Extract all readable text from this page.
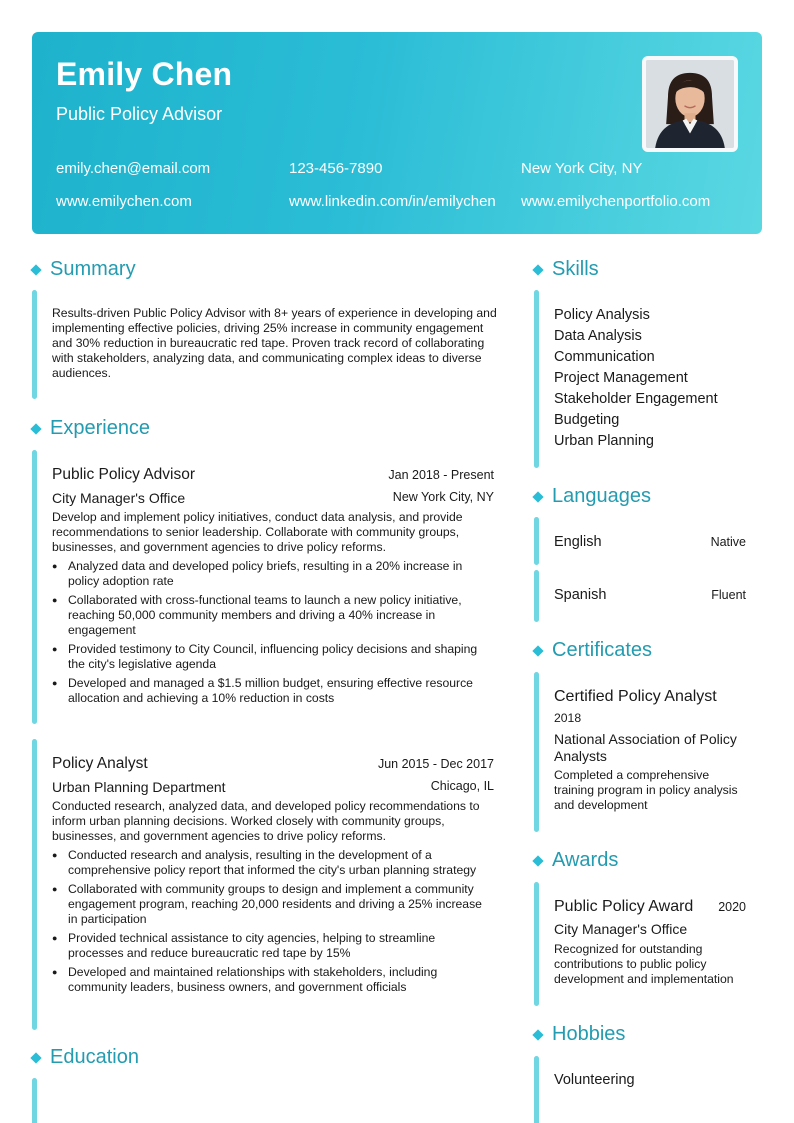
Emily Chen
Public Policy Advisor
emily.chen@email.com	123-456-7890	New York City, NY
www.emilychen.com	www.linkedin.com/in/emilychen www.emilychenportfolio.com
Summary
Results-driven Public Policy Advisor with 8+ years of experience in developing and implementing effective policies, driving 25% increase in community engagement and 30% reduction in bureaucratic red tape. Proven track record of collaborating with stakeholders, analyzing data, and communicating complex ideas to diverse audiences.
Experience
Public Policy Advisor	Jan 2018 - Present
City Manager's Office	New York City, NY
Develop and implement policy initiatives, conduct data analysis, and provide recommendations to senior leadership. Collaborate with community groups, businesses, and government agencies to drive policy reforms.
● Analyzed data and developed policy briefs, resulting in a 20% increase in policy adoption rate
● Collaborated with cross-functional teams to launch a new policy initiative, reaching 50,000 community members and driving a 40% increase in engagement
● Provided testimony to City Council, influencing policy decisions and shaping the city's legislative agenda
● Developed and managed a $1.5 million budget, ensuring effective resource allocation and achieving a 10% reduction in costs
Policy Analyst	Jun 2015 - Dec 2017
Urban Planning Department	Chicago, IL
Conducted research, analyzed data, and developed policy recommendations to inform urban planning decisions. Worked closely with community groups, businesses, and government agencies to drive policy reforms.
● Conducted research and analysis, resulting in the development of a comprehensive policy report that informed the city's urban planning strategy
● Collaborated with community groups to design and implement a community engagement program, reaching 20,000 residents and driving a 25% increase in participation
● Provided technical assistance to city agencies, helping to streamline processes and reduce bureaucratic red tape by 15%
● Developed and maintained relationships with stakeholders, including community leaders, business owners, and government officials
Education
Skills
Policy Analysis
Data Analysis
Communication
Project Management
Stakeholder Engagement
Budgeting
Urban Planning
Languages
English	Native
Spanish	Fluent
Certificates
Certified Policy Analyst
2018
National Association of Policy Analysts
Completed a comprehensive training program in policy analysis and development
Awards
Public Policy Award 2020
City Manager's Office
Recognized for outstanding contributions to public policy development and implementation
Hobbies
Volunteering
